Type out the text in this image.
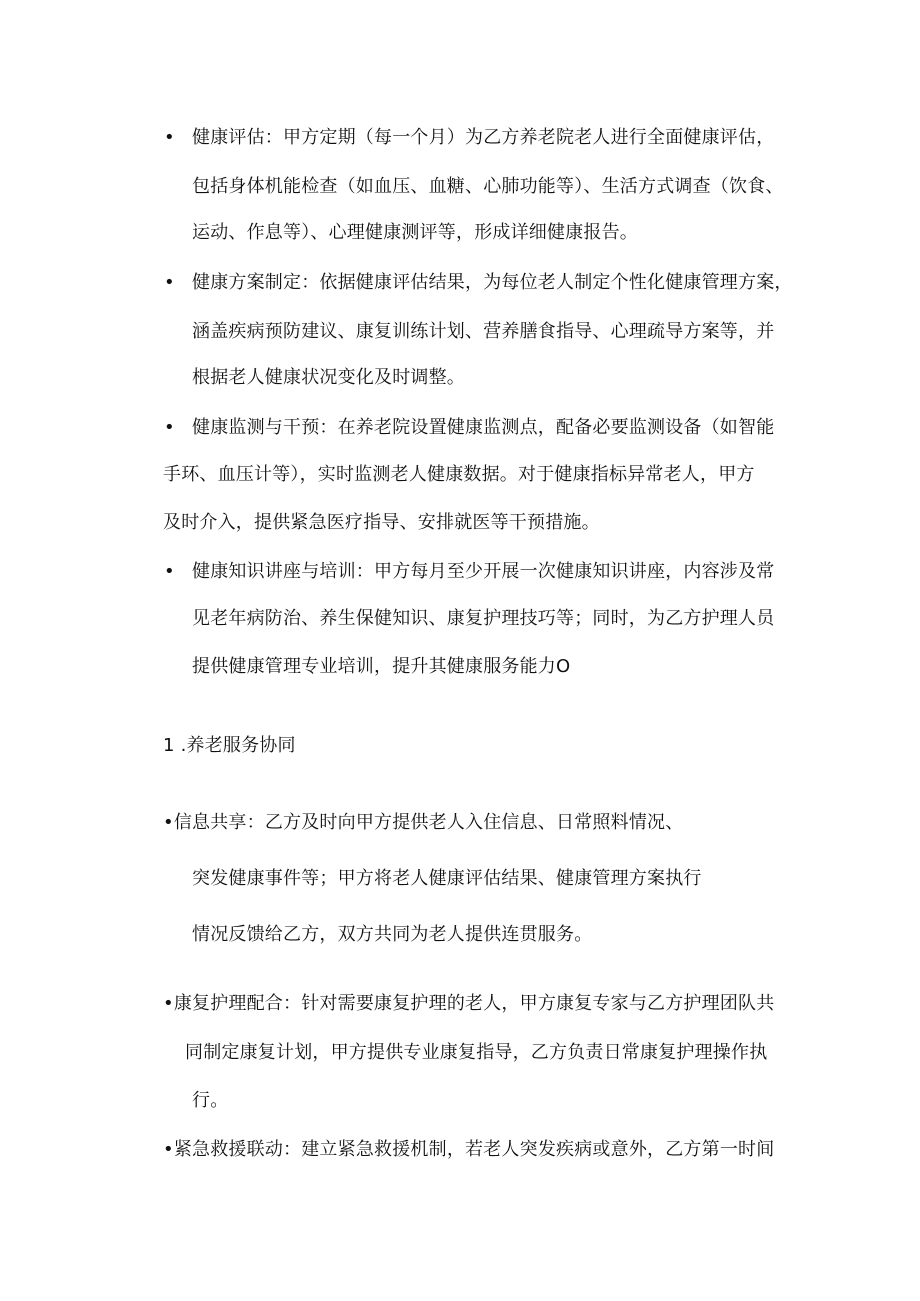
• 健康评估：甲方定期（每一个月）为乙方养老院老人进行全面健康评估，
包括身体机能检查（如血压、血糖、心肺功能等）、生活方式调查（饮食、
运动、作息等）、心理健康测评等，形成详细健康报告。
• 健康方案制定：依据健康评估结果，为每位老人制定个性化健康管理方案，
涵盖疾病预防建议、康复训练计划、营养膳食指导、心理疏导方案等，并
根据老人健康状况变化及时调整。
• 健康监测与干预：在养老院设置健康监测点，配备必要监测设备（如智能
手环、血压计等），实时监测老人健康数据。对于健康指标异常老人，甲方
及时介入，提供紧急医疗指导、安排就医等干预措施。
• 健康知识讲座与培训：甲方每月至少开展一次健康知识讲座，内容涉及常
见老年病防治、养生保健知识、康复护理技巧等；同时，为乙方护理人员
提供健康管理专业培训，提升其健康服务能力O
1 .养老服务协同
•信息共享：乙方及时向甲方提供老人入住信息、日常照料情况、
突发健康事件等；甲方将老人健康评估结果、健康管理方案执行
情况反馈给乙方，双方共同为老人提供连贯服务。
•康复护理配合：针对需要康复护理的老人，甲方康复专家与乙方护理团队共
同制定康复计划，甲方提供专业康复指导，乙方负责日常康复护理操作执
行。
•紧急救援联动：建立紧急救援机制，若老人突发疾病或意外，乙方第一时间
